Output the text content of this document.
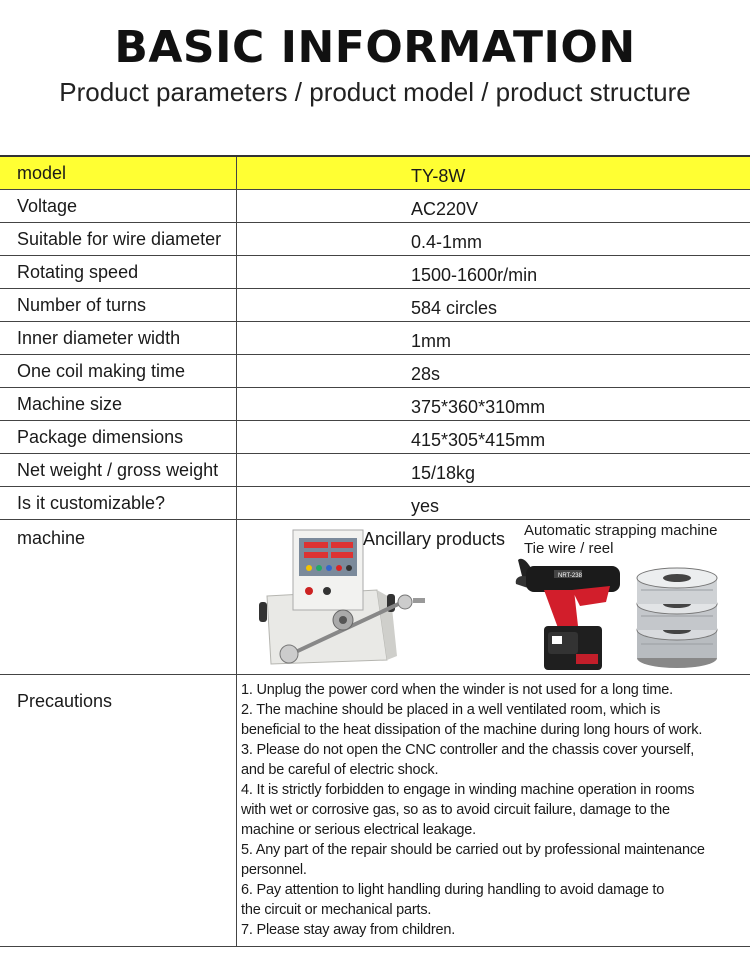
BASIC INFORMATION
Product parameters / product model / product structure
model	TY-8W
Voltage	AC220V
Suitable for wire diameter	0.4-1mm
Rotating speed	1500-1600r/min
Number of turns	584 circles
Inner diameter width	1mm
One coil making time	28s
Machine size	375*360*310mm
Package dimensions	415*305*415mm
Net weight / gross weight	15/18kg
Is it customizable?	yes
machine	Ancillary products Automatic strapping machine
Tie wire / reel
NRT-238
Precautions
1. Unplug the power cord when the winder is not used for a long time.
2. The machine should be placed in a well ventilated room, which is
beneficial to the heat dissipation of the machine during long hours of work.
3. Please do not open the CNC controller and the chassis cover yourself,
and be careful of electric shock.
4. It is strictly forbidden to engage in winding machine operation in rooms
with wet or corrosive gas, so as to avoid circuit failure, damage to the
machine or serious electrical leakage.
5. Any part of the repair should be carried out by professional maintenance
personnel.
6. Pay attention to light handling during handling to avoid damage to
the circuit or mechanical parts.
7. Please stay away from children.
